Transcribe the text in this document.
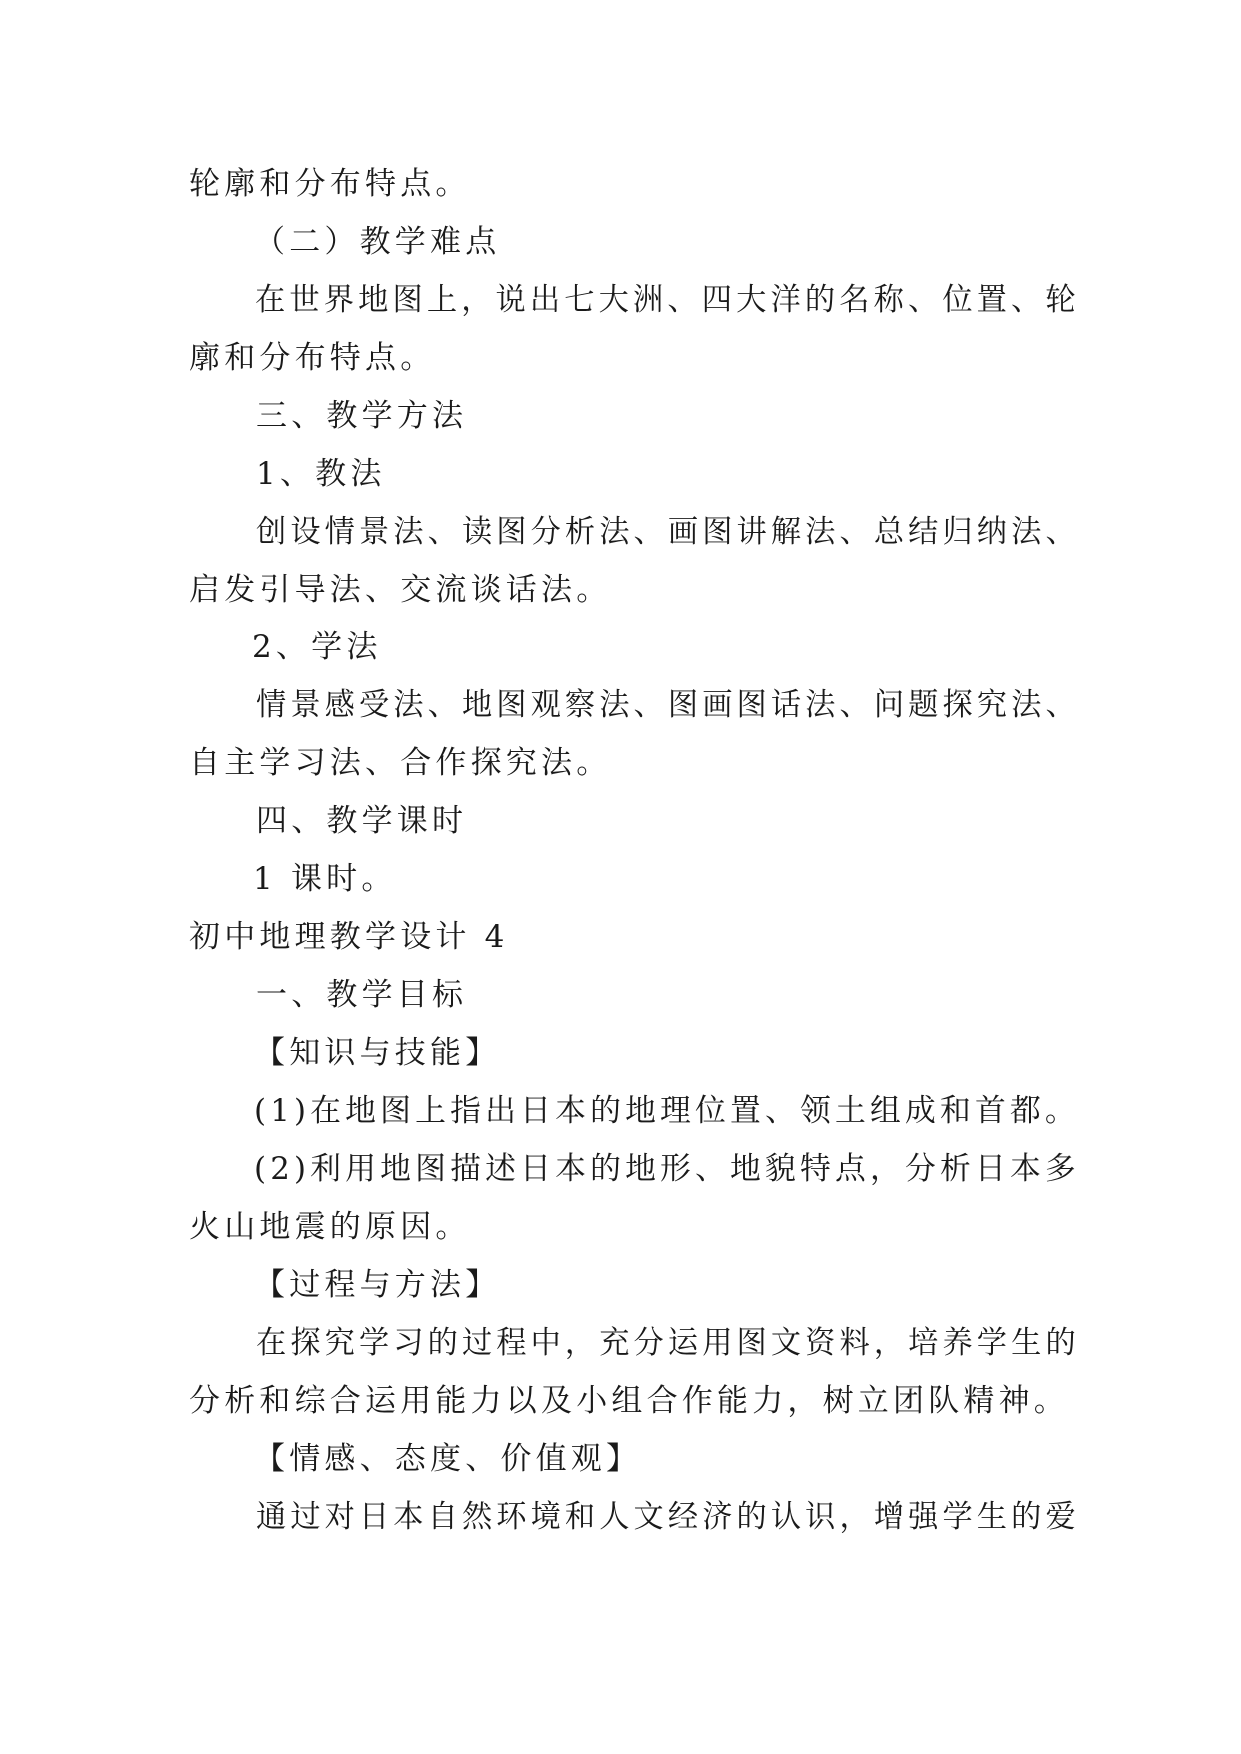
轮廓和分布特点。

（二）教学难点

在世界地图上，说出七大洲、四大洋的名称、位置、轮

廓和分布特点。

三、教学方法

1、教法

创设情景法、读图分析法、画图讲解法、总结归纳法、

启发引导法、交流谈话法。

2、学法

情景感受法、地图观察法、图画图话法、问题探究法、

自主学习法、合作探究法。

四、教学课时

1 课时。

初中地理教学设计 4

一、教学目标

【知识与技能】

(1)在地图上指出日本的地理位置、领土组成和首都。

(2)利用地图描述日本的地形、地貌特点，分析日本多

火山地震的原因。

【过程与方法】

在探究学习的过程中，充分运用图文资料，培养学生的

分析和综合运用能力以及小组合作能力，树立团队精神。

【情感、态度、价值观】

通过对日本自然环境和人文经济的认识，增强学生的爱
